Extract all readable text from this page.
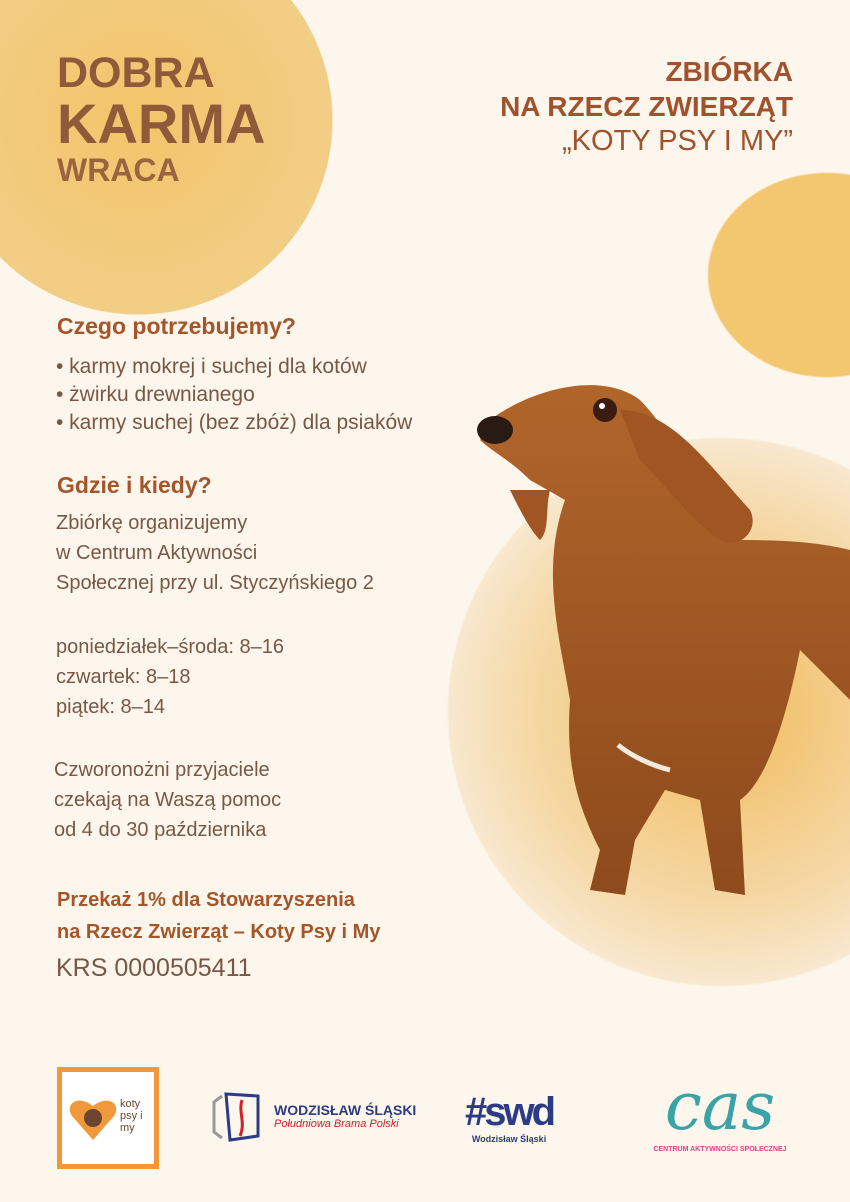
DOBRA
KARMA
WRACA
ZBIÓRKA
NA RZECZ ZWIERZĄT
„KOTY PSY I MY”
Czego potrzebujemy?
• karmy mokrej i suchej dla kotów
• żwirku drewnianego
• karmy suchej (bez zbóż) dla psiaków
Gdzie i kiedy?
Zbiórkę organizujemy
w Centrum Aktywności
Społecznej przy ul. Styczyńskiego 2
poniedziałek–środa: 8–16
czwartek: 8–18
piątek: 8–14
Czworonożni przyjaciele
czekają na Waszą pomoc
od 4 do 30 października
Przekaż 1% dla Stowarzyszenia
na Rzecz Zwierząt – Koty Psy i My
KRS 0000505411
koty psy i my
WODZISŁAW ŚLĄSKI
Południowa Brama Polski	#swd
Wodzisław Śląski	cas
CENTRUM AKTYWNOŚCI SPOŁECZNEJ
